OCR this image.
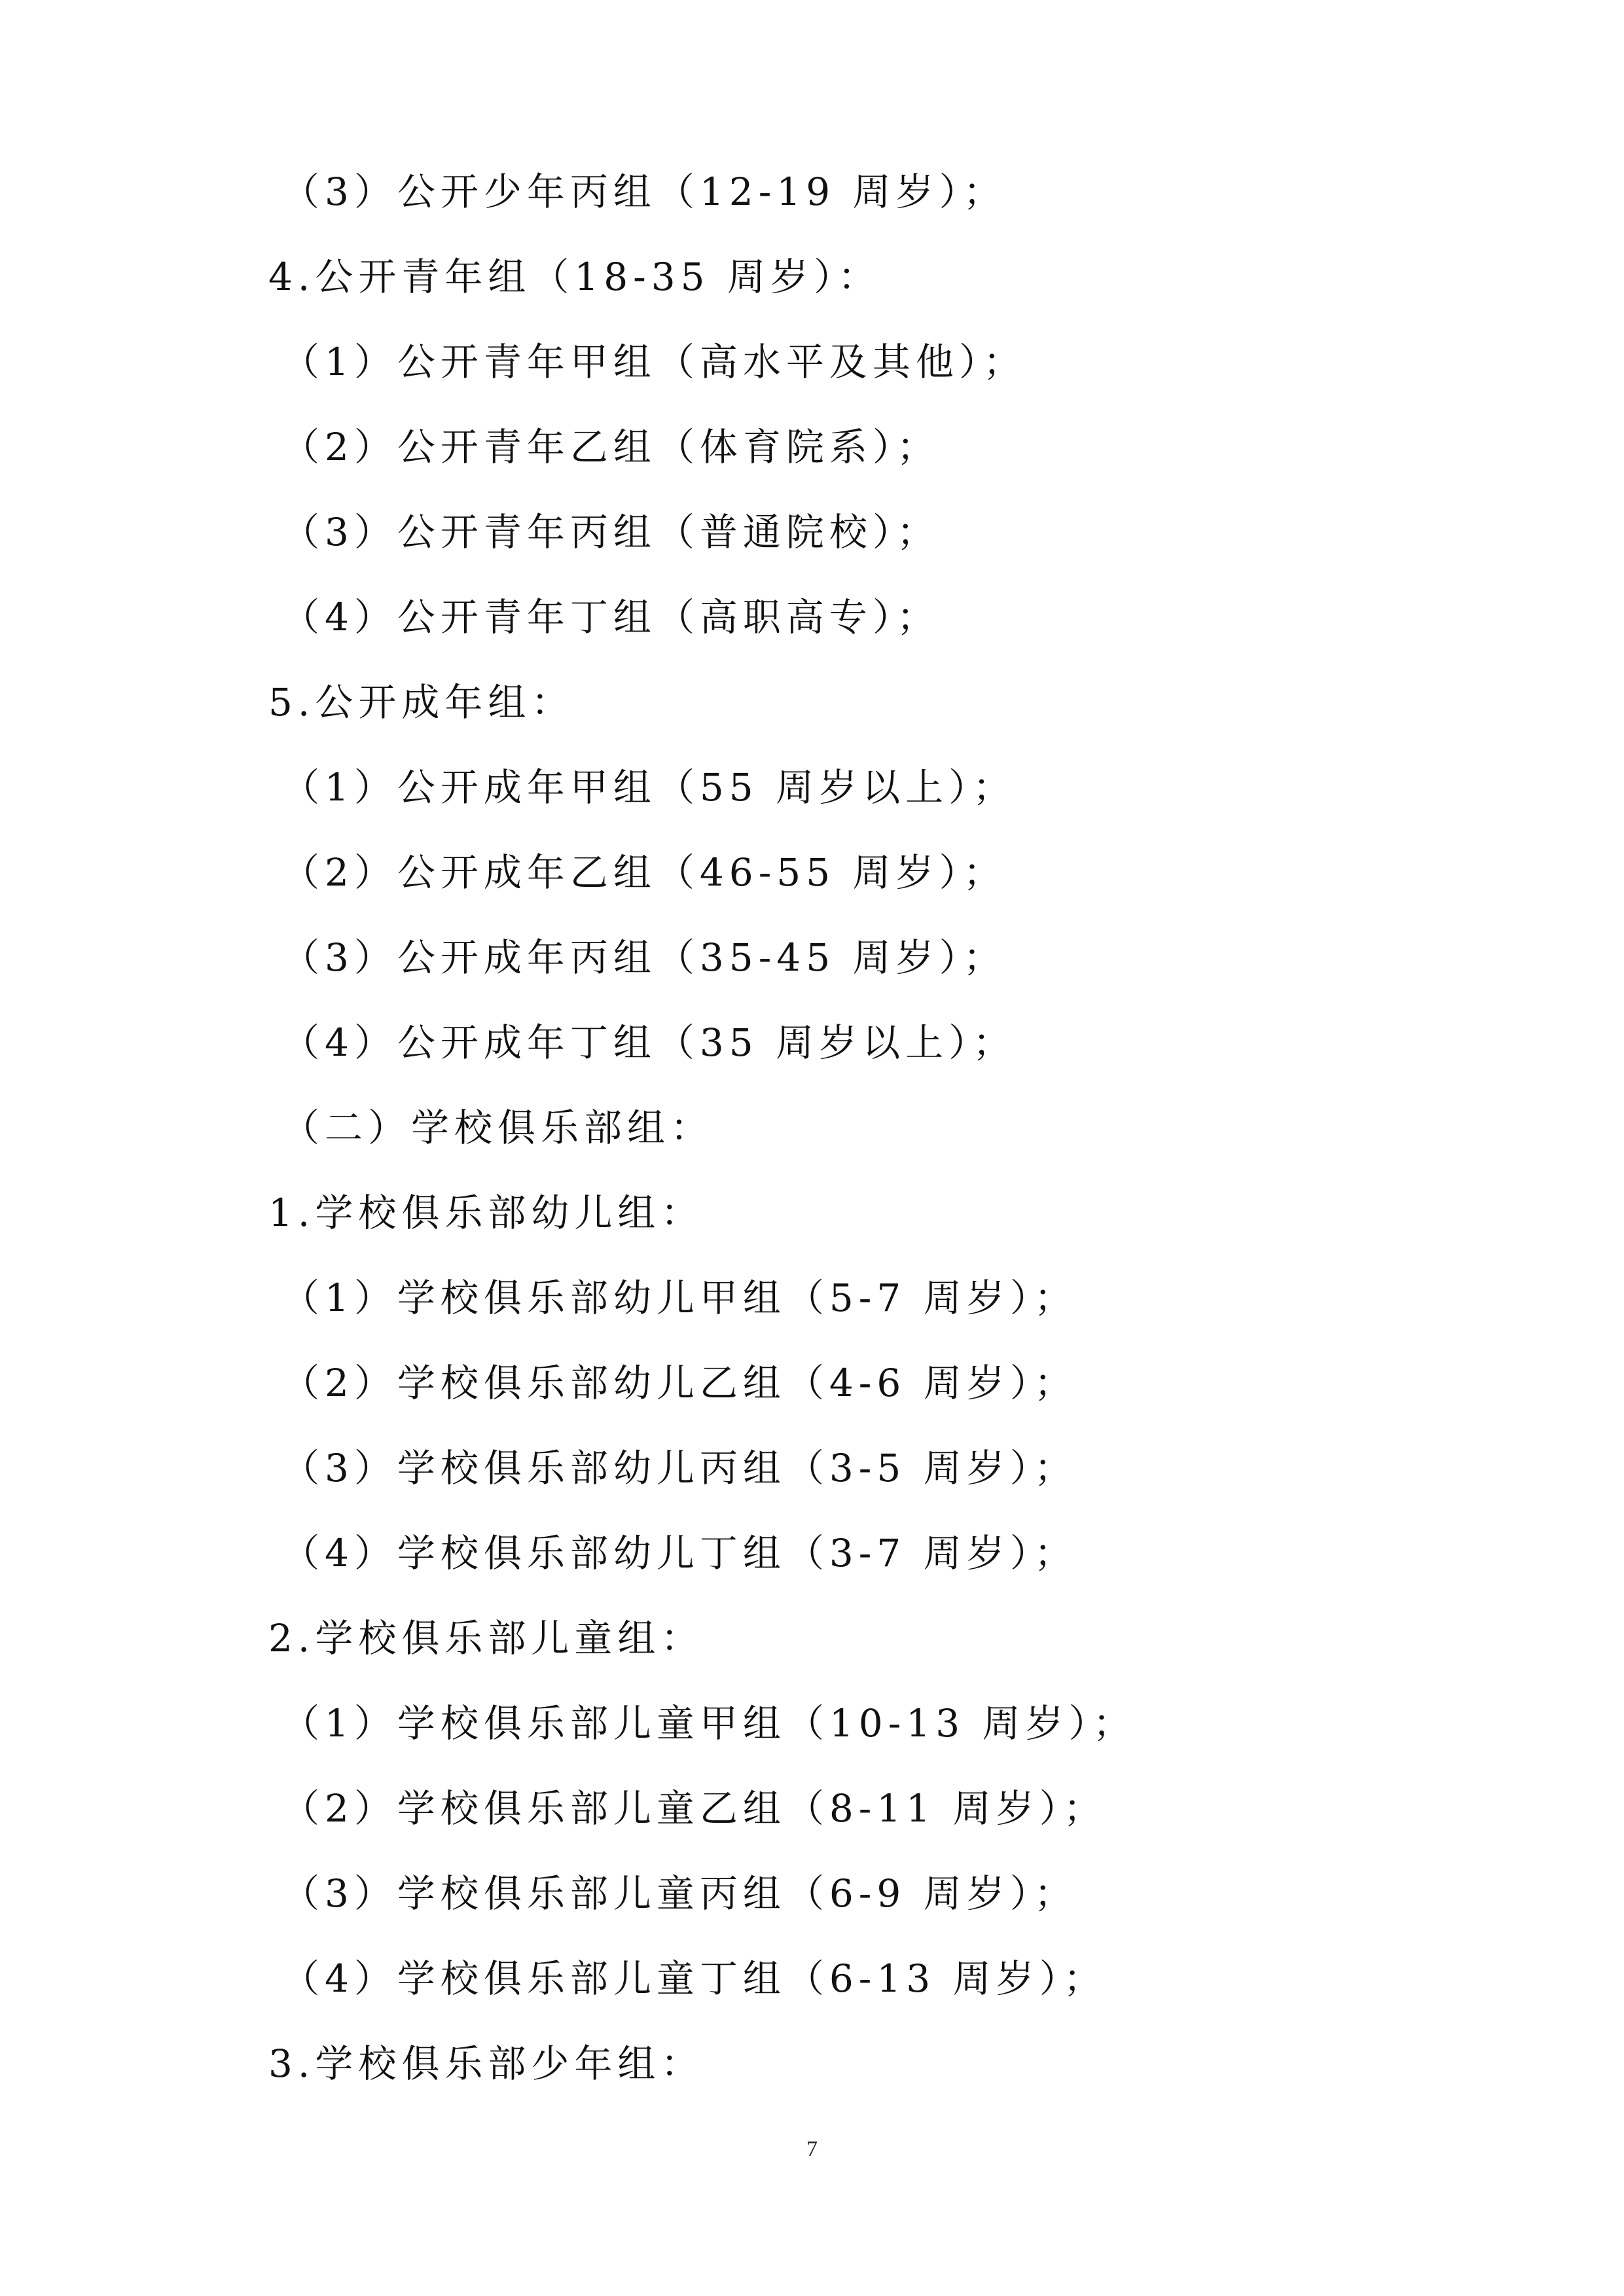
（3）公开少年丙组（12-19 周岁）；
4.公开青年组（18-35 周岁）：
（1）公开青年甲组（高水平及其他）；
（2）公开青年乙组（体育院系）；
（3）公开青年丙组（普通院校）；
（4）公开青年丁组（高职高专）；
5.公开成年组：
（1）公开成年甲组（55 周岁以上）；
（2）公开成年乙组（46-55 周岁）；
（3）公开成年丙组（35-45 周岁）；
（4）公开成年丁组（35 周岁以上）；
（二）学校俱乐部组：
1.学校俱乐部幼儿组：
（1）学校俱乐部幼儿甲组（5-7 周岁）；
（2）学校俱乐部幼儿乙组（4-6 周岁）；
（3）学校俱乐部幼儿丙组（3-5 周岁）；
（4）学校俱乐部幼儿丁组（3-7 周岁）；
2.学校俱乐部儿童组：
（1）学校俱乐部儿童甲组（10-13 周岁）；
（2）学校俱乐部儿童乙组（8-11 周岁）；
（3）学校俱乐部儿童丙组（6-9 周岁）；
（4）学校俱乐部儿童丁组（6-13 周岁）；
3.学校俱乐部少年组：
7
